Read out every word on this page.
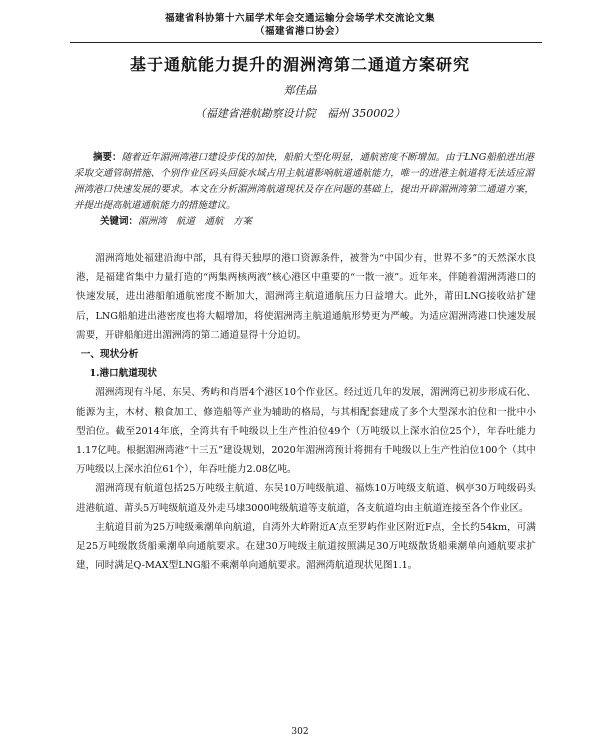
福建省科协第十六届学术年会交通运输分会场学术交流论文集
（福建省港口协会）
基于通航能力提升的湄洲湾第二通道方案研究
郑佳晶
（福建省港航勘察设计院　福州 350002）
摘要：随着近年湄洲湾港口建设步伐的加快，船舶大型化明显，通航密度不断增加。由于LNG船舶进出港采取交通管制措施、个别作业区码头回旋水域占用主航道影响航道通航能力，唯一的进港主航道将无法适应湄洲湾港口快速发展的要求。本文在分析湄洲湾航道现状及存在问题的基础上，提出开辟湄洲湾第二通道方案，并提出提高航道通航能力的措施建议。
关键词：湄洲湾　航道　通航　方案

湄洲湾地处福建沿海中部，具有得天独厚的港口资源条件，被誉为“中国少有，世界不多”的天然深水良港，是福建省集中力量打造的“两集两核两液”核心港区中重要的“一散一液”。近年来，伴随着湄洲湾港口的快速发展，进出港船舶通航密度不断加大，湄洲湾主航道通航压力日益增大。此外，莆田LNG接收站扩建后，LNG船舶进出港密度也将大幅增加，将使湄洲湾主航道通航形势更为严峻。为适应湄洲湾港口快速发展需要，开辟船舶进出湄洲湾的第二通道显得十分迫切。

一、现状分析

1.港口航道现状

湄洲湾现有斗尾、东吴、秀屿和肖厝4个港区10个作业区。经过近几年的发展，湄洲湾已初步形成石化、能源为主，木材、粮食加工、修造船等产业为辅助的格局，与其相配套建成了多个大型深水泊位和一批中小型泊位。截至2014年底，全湾共有千吨级以上生产性泊位49个（万吨级以上深水泊位25个），年吞吐能力1.17亿吨。根据湄洲湾港“十三五”建设规划，2020年湄洲湾预计将拥有千吨级以上生产性泊位100个（其中万吨级以上深水泊位61个），年吞吐能力2.08亿吨。

湄洲湾现有航道包括25万吨级主航道、东吴10万吨级航道、福炼10万吨级支航道、枫亭30万吨级码头进港航道、莆头5万吨级航道及外走马埭3000吨级航道等支航道，各支航道均由主航道连接至各个作业区。

主航道目前为25万吨级乘潮单向航道，自湾外大岞附近A′点至罗屿作业区附近F点，全长约54km，可满足25万吨级散货船乘潮单向通航要求。在建30万吨级主航道按照满足30万吨级散货船乘潮单向通航要求扩建，同时满足Q-MAX型LNG船不乘潮单向通航要求。湄洲湾航道现状见图1.1。

302
